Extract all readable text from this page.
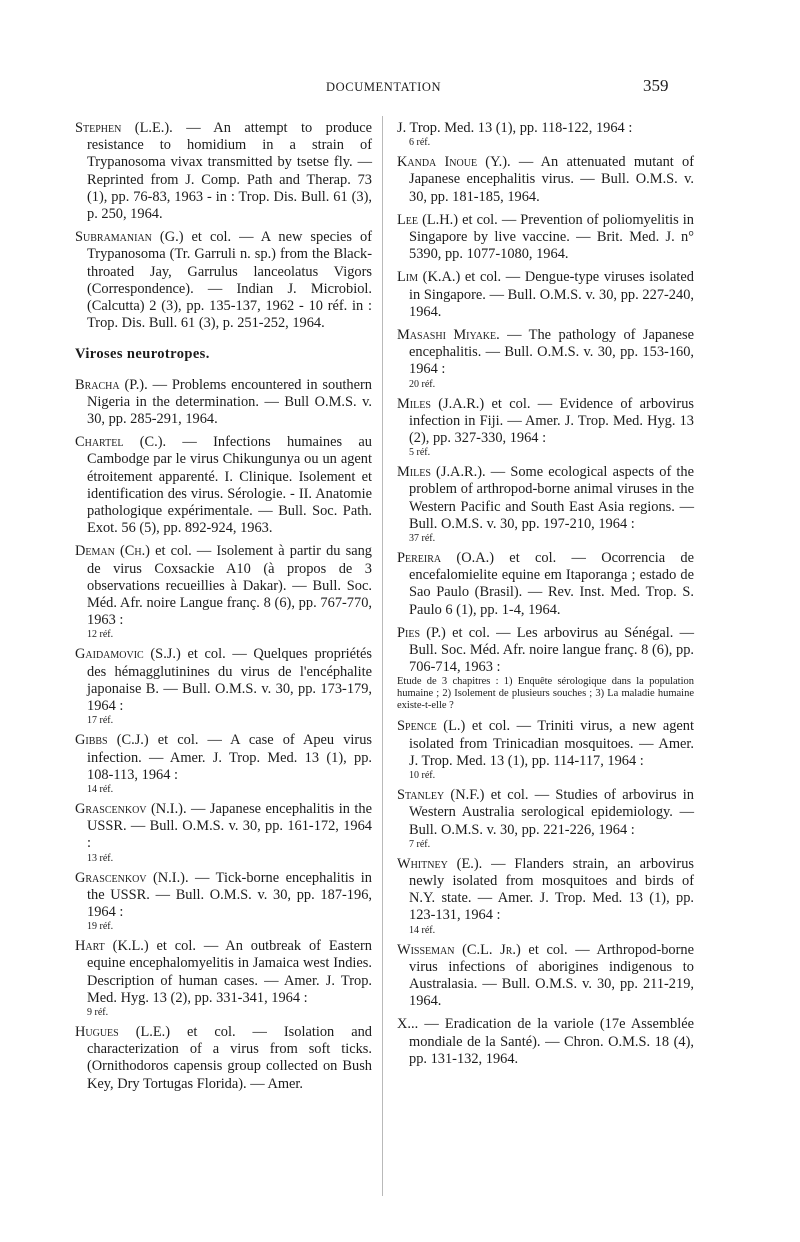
DOCUMENTATION	359

Stephen (L.E.). — An attempt to produce resistance to homidium in a strain of Trypanosoma vivax transmitted by tsetse fly. — Reprinted from J. Comp. Path and Therap. 73 (1), pp. 76-83, 1963 - in : Trop. Dis. Bull. 61 (3), p. 250, 1964.

Subramanian (G.) et col. — A new species of Trypanosoma (Tr. Garruli n. sp.) from the Black-throated Jay, Garrulus lanceolatus Vigors (Correspondence). — Indian J. Microbiol. (Calcutta) 2 (3), pp. 135-137, 1962 - 10 réf. in : Trop. Dis. Bull. 61 (3), p. 251-252, 1964.

Viroses neurotropes.

Bracha (P.). — Problems encountered in southern Nigeria in the determination. — Bull O.M.S. v. 30, pp. 285-291, 1964.

Chartel (C.). — Infections humaines au Cambodge par le virus Chikungunya ou un agent étroitement apparenté. I. Clinique. Isolement et identification des virus. Sérologie. - II. Anatomie pathologique expérimentale. — Bull. Soc. Path. Exot. 56 (5), pp. 892-924, 1963.

Deman (Ch.) et col. — Isolement à partir du sang de virus Coxsackie A10 (à propos de 3 observations recueillies à Dakar). — Bull. Soc. Méd. Afr. noire Langue franç. 8 (6), pp. 767-770, 1963 :
12 réf.

Gaidamovic (S.J.) et col. — Quelques propriétés des hémagglutinines du virus de l'encéphalite japonaise B. — Bull. O.M.S. v. 30, pp. 173-179, 1964 :
17 réf.

Gibbs (C.J.) et col. — A case of Apeu virus infection. — Amer. J. Trop. Med. 13 (1), pp. 108-113, 1964 :
14 réf.

Grascenkov (N.I.). — Japanese encephalitis in the USSR. — Bull. O.M.S. v. 30, pp. 161-172, 1964 :
13 réf.

Grascenkov (N.I.). — Tick-borne encephalitis in the USSR. — Bull. O.M.S. v. 30, pp. 187-196, 1964 :
19 réf.

Hart (K.L.) et col. — An outbreak of Eastern equine encephalomyelitis in Jamaica west Indies. Description of human cases. — Amer. J. Trop. Med. Hyg. 13 (2), pp. 331-341, 1964 :
9 réf.

Hugues (L.E.) et col. — Isolation and characterization of a virus from soft ticks. (Ornithodoros capensis group collected on Bush Key, Dry Tortugas Florida). — Amer.

J. Trop. Med. 13 (1), pp. 118-122, 1964 :
6 réf.

Kanda Inoue (Y.). — An attenuated mutant of Japanese encephalitis virus. — Bull. O.M.S. v. 30, pp. 181-185, 1964.

Lee (L.H.) et col. — Prevention of poliomyelitis in Singapore by live vaccine. — Brit. Med. J. n° 5390, pp. 1077-1080, 1964.

Lim (K.A.) et col. — Dengue-type viruses isolated in Singapore. — Bull. O.M.S. v. 30, pp. 227-240, 1964.

Masashi Miyake. — The pathology of Japanese encephalitis. — Bull. O.M.S. v. 30, pp. 153-160, 1964 :
20 réf.

Miles (J.A.R.) et col. — Evidence of arbovirus infection in Fiji. — Amer. J. Trop. Med. Hyg. 13 (2), pp. 327-330, 1964 :
5 réf.

Miles (J.A.R.). — Some ecological aspects of the problem of arthropod-borne animal viruses in the Western Pacific and South East Asia regions. — Bull. O.M.S. v. 30, pp. 197-210, 1964 :
37 réf.

Pereira (O.A.) et col. — Ocorrencia de encefalomielite equine em Itaporanga ; estado de Sao Paulo (Brasil). — Rev. Inst. Med. Trop. S. Paulo 6 (1), pp. 1-4, 1964.

Pies (P.) et col. — Les arbovirus au Sénégal. — Bull. Soc. Méd. Afr. noire langue franç. 8 (6), pp. 706-714, 1963 :
Etude de 3 chapitres : 1) Enquête sérologique dans la population humaine ; 2) Isolement de plusieurs souches ; 3) La maladie humaine existe-t-elle ?

Spence (L.) et col. — Triniti virus, a new agent isolated from Trinicadian mosquitoes. — Amer. J. Trop. Med. 13 (1), pp. 114-117, 1964 :
10 réf.

Stanley (N.F.) et col. — Studies of arbovirus in Western Australia serological epidemiology. — Bull. O.M.S. v. 30, pp. 221-226, 1964 :
7 réf.

Whitney (E.). — Flanders strain, an arbovirus newly isolated from mosquitoes and birds of N.Y. state. — Amer. J. Trop. Med. 13 (1), pp. 123-131, 1964 :
14 réf.

Wisseman (C.L. Jr.) et col. — Arthropod-borne virus infections of aborigines indigenous to Australasia. — Bull. O.M.S. v. 30, pp. 211-219, 1964.

X... — Eradication de la variole (17e Assemblée mondiale de la Santé). — Chron. O.M.S. 18 (4), pp. 131-132, 1964.
